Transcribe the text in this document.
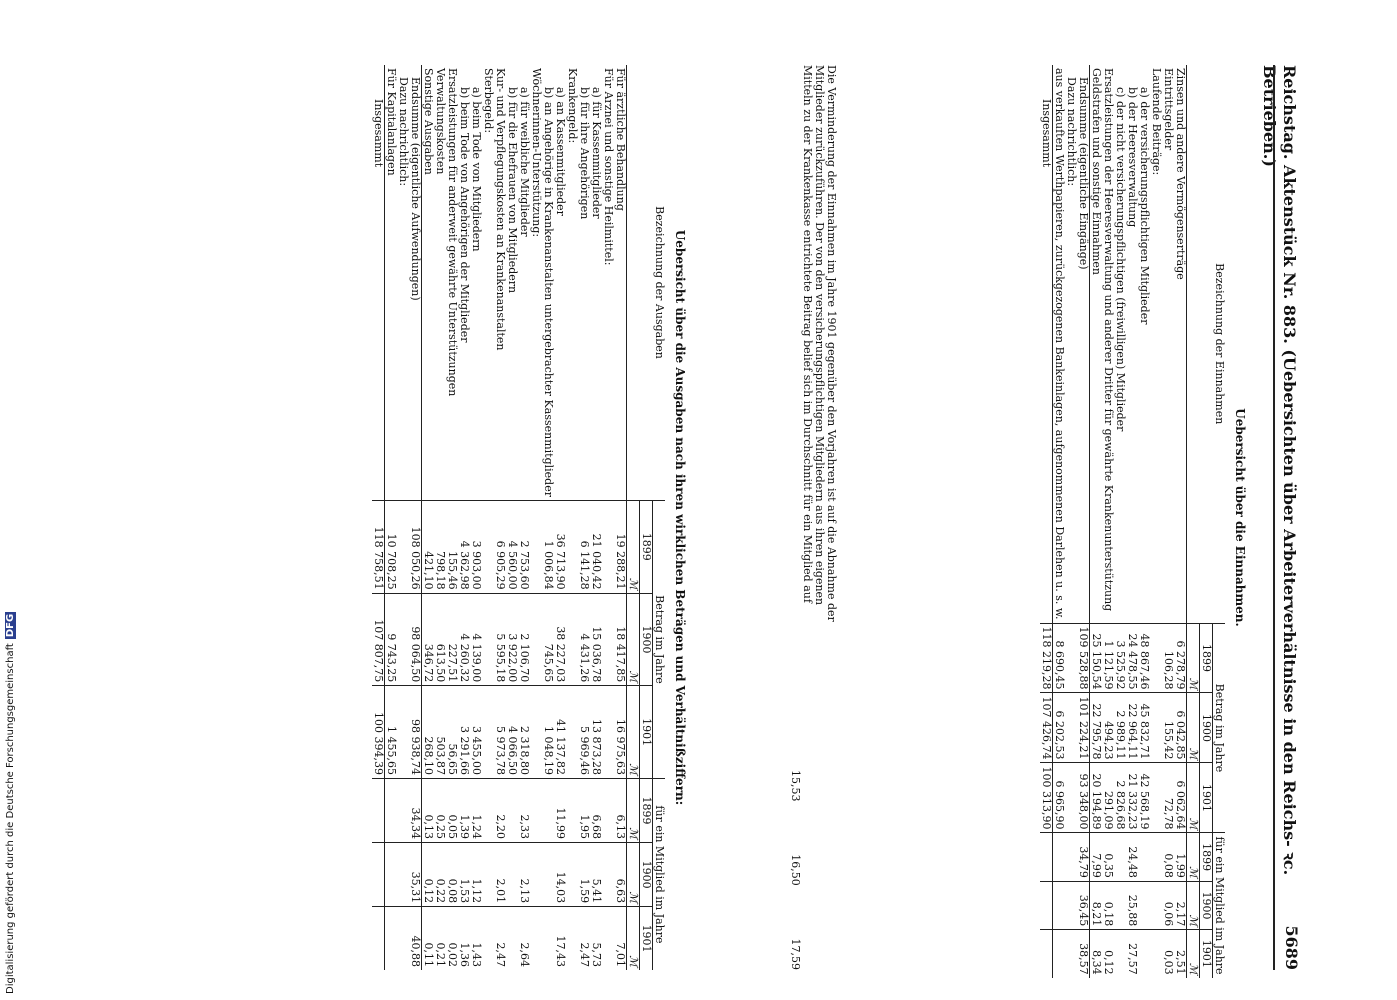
Reichstag. Aktenstück Nr. 883. (Uebersichten über Arbeiterverhältnisse in den Reichs- ꝛc. Betrieben.)
5689
Uebersicht über die Einnahmen.
Bezeichnung der Einnahmen	Betrag im Jahre			für ein Mitglied im Jahre		
	1899	1900	1901	1899	1900	1901
	ℳ	ℳ	ℳ	ℳ	ℳ	ℳ
Zinsen und andere Vermögenserträge	6 278,79	6 042,85	6 062,64	1,99	2,17	2,51
Eintrittsgelder	106,28	155,42	72,78	0,08	0,06	0,03
Laufende Beiträge:						
a) der versicherungspflichtigen Mitglieder	48 867,46	45 832,71	42 568,19			
b) der Heeresverwaltung	24 478,55	22 964,11	21 332,23	24,48	25,88	27,57
c) der nicht versicherungspflichtigen (freiwilligen) Mitglieder	3 525,92	2 989,11	2 826,68			
Ersatzleistungen der Heeresverwaltung und anderer Dritter für gewährte Krankenunterstützung	1 121,59	494,23	291,09	0,35	0,18	0,12
Geldstrafen und sonstige Einnahmen	25 150,54	22 795,78	20 194,89	7,99	8,21	8,34
Endsumme (eigentliche Eingänge)	109 528,88	101 224,21	93 348,00	34,79	36,45	38,57
Dazu nachrichtlich:						
aus verkauften Werthpapieren, zurückgezogenen Bankeinlagen, aufgenommenen Darlehen u. s. w.	8 690,45	6 202,53	6 965,90			
Insgesammt	118 219,28	107 426,74	100 313,90			
Die Verminderung der Einnahmen im Jahre 1901 gegenüber den Vorjahren ist auf die Abnahme der Mitglieder zurückzuführen. Der von den versicherungspflichtigen Mitgliedern aus ihren eigenen Mitteln zu der Krankenkasse entrichtete Beitrag belief sich im Durchschnitt für ein Mitglied auf
15,53
16,50
17,59
Uebersicht über die Ausgaben nach ihren wirklichen Beträgen und Verhältnißziffern:
Bezeichnung der Ausgaben	Betrag im Jahre			für ein Mitglied im Jahre		
	1899	1900	1901	1899	1900	1901
	ℳ	ℳ	ℳ	ℳ	ℳ	ℳ
Für ärztliche Behandlung	19 288,21	18 417,85	16 975,63	6,13	6,63	7,01
Für Arznei und sonstige Heilmittel:						
a) für Kassenmitglieder	21 040,42	15 036,78	13 873,28	6,68	5,41	5,73
b) für ihre Angehörigen	6 141,28	4 431,26	5 969,46	1,95	1,59	2,47
Krankengeld:						
a) an Kassenmitglieder	36 713,90	38 227,03	41 137,82	11,99	14,03	17,43
b) an Angehörige in Krankenanstalten untergebrachter Kassenmitglieder	1 006,84	745,65	1 048,19			
Wöchnerinnen-Unterstützung:						
a) für weibliche Mitglieder	2 753,60	2 106,70	2 318,80	2,33	2,13	2,64
b) für die Ehefrauen von Mitgliedern	4 560,00	3 922,00	4 066,50			
Kur- und Verpflegungskosten an Krankenanstalten	6 905,29	5 595,18	5 973,78	2,20	2,01	2,47
Sterbegeld:						
a) beim Tode von Mitgliedern	3 903,00	4 139,00	3 455,00	1,24	1,12	1,43
b) beim Tode von Angehörigen der Mitglieder	4 362,98	4 260,32	3 291,66	1,39	1,53	1,36
Ersatzleistungen für anderweit gewährte Unterstützungen	155,46	227,51	56,65	0,05	0,08	0,02
Verwaltungskosten	798,18	613,50	503,87	0,25	0,22	0,21
Sonstige Ausgaben	421,10	346,72	268,10	0,13	0,12	0,11
Endsumme (eigentliche Aufwendungen)	108 050,26	98 064,50	98 938,74	34,34	35,31	40,88
Dazu nachrichtlich:						
Für Kapitalanlagen	10 708,25	9 743,25	1 455,65			
Insgesammt	118 758,51	107 807,75	100 394,39			
Digitalisierung gefördert durch die Deutsche ForschungsgemeinschaftDFG
